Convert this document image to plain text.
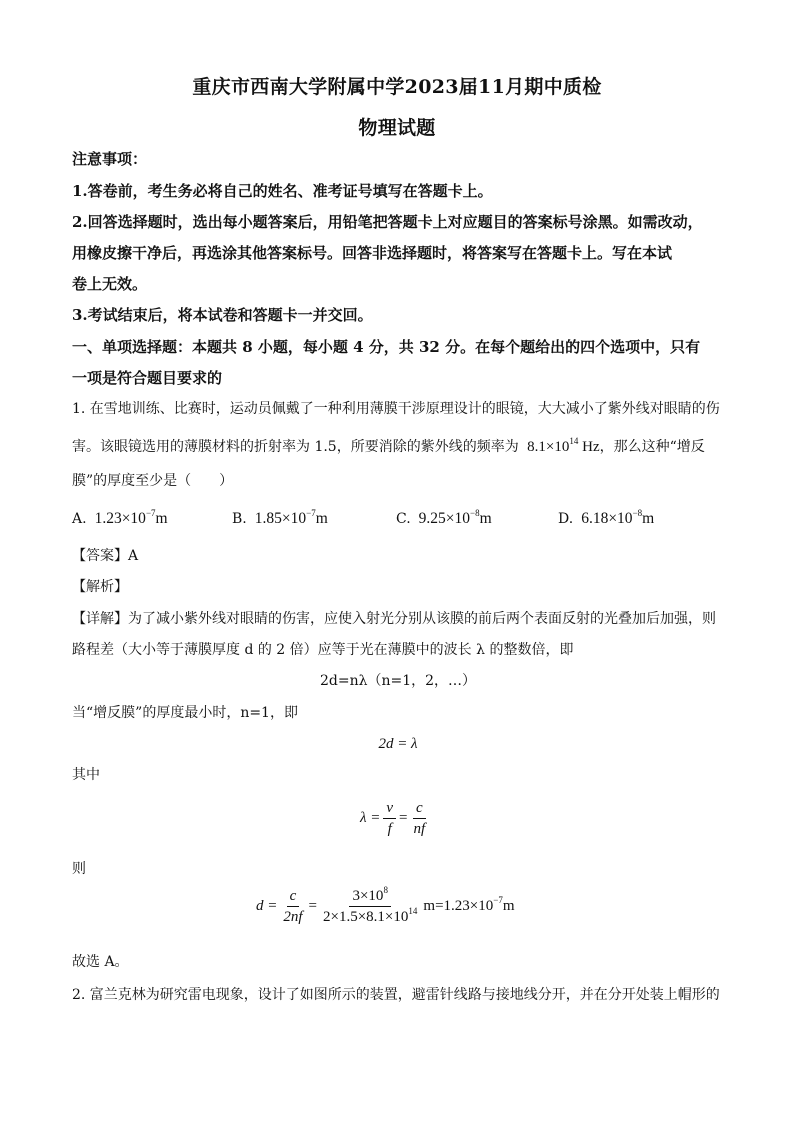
重庆市西南大学附属中学2023届11月期中质检
物理试题
注意事项：
1.答卷前，考生务必将自己的姓名、准考证号填写在答题卡上。
2.回答选择题时，选出每小题答案后，用铅笔把答题卡上对应题目的答案标号涂黑。如需改动，
用橡皮擦干净后，再选涂其他答案标号。回答非选择题时，将答案写在答题卡上。写在本试
卷上无效。
3.考试结束后，将本试卷和答题卡一并交回。
一、单项选择题：本题共 8 小题，每小题 4 分，共 32 分。在每个题给出的四个选项中，只有
一项是符合题目要求的
1. 在雪地训练、比赛时，运动员佩戴了一种利用薄膜干涉原理设计的眼镜，大大减小了紫外线对眼睛的伤
害。该眼镜选用的薄膜材料的折射率为 1.5，所要消除的紫外线的频率为 $8.1\times 10^{14}$ Hz，那么这种“增反
膜”的厚度至少是（　　）
A. $1.23\times 10^{-7}m$	B. $1.85\times 10^{-7}m$	C. $9.25\times 10^{-8}m$	D. $6.18\times 10^{-8}m$
【答案】A
【解析】
【详解】为了减小紫外线对眼睛的伤害，应使入射光分别从该膜的前后两个表面反射的光叠加后加强，则
路程差（大小等于薄膜厚度 d 的 2 倍）应等于光在薄膜中的波长 λ 的整数倍，即
2d=nλ（n=1，2，…）
当“增反膜”的厚度最小时，n=1，即
2d = λ
其中
$\lambda = \frac{v}{f} = \frac{c}{nf}$
则
$d = \frac{c}{2nf} = \frac{3\times 10^8}{2\times 1.5\times 8.1\times 10^{14}} m=1.23\times 10^{-7}m$
故选 A。
2. 富兰克林为研究雷电现象，设计了如图所示的装置，避雷针线路与接地线分开，并在分开处装上帽形的
